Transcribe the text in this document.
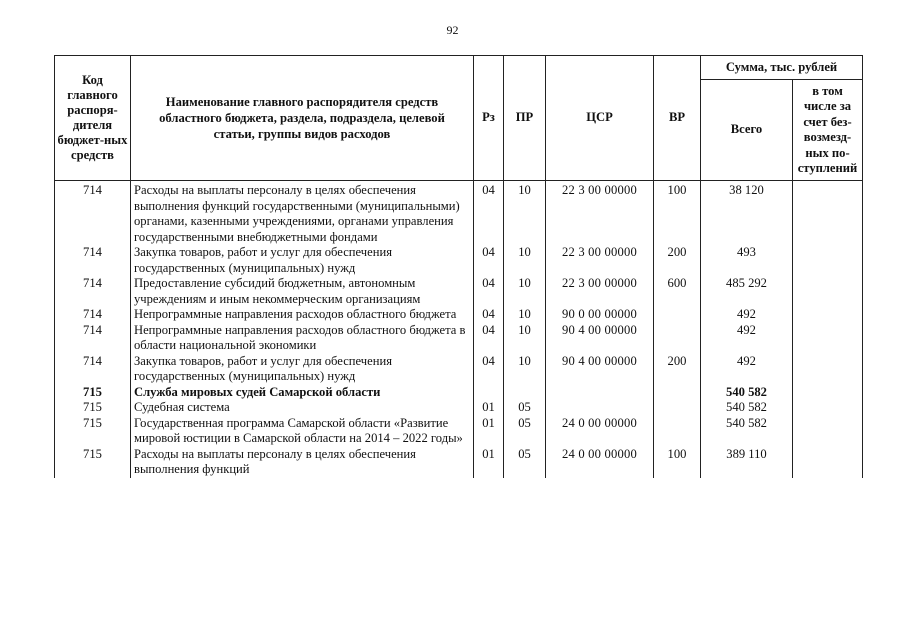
92
Код главного распоря-дителя бюджет-ных средств	Наименование главного распорядителя средств областного бюджета, раздела, подраздела, целевой статьи, группы видов расходов	Рз	ПР	ЦСР	ВР	Сумма, тыс. рублей	
						Всего	в том числе за счет без-возмезд-ных по-ступлений
714	Расходы на выплаты персоналу в целях обеспечения выполнения функций государственными (муниципальными) органами, казенными учреждениями, органами управления государственными внебюджетными фондами	04	10	22 3 00 00000	100	38 120	
714	Закупка товаров, работ и услуг для обеспечения государственных (муниципальных) нужд	04	10	22 3 00 00000	200	493	
714	Предоставление субсидий бюджетным, автономным учреждениям и иным некоммерческим организациям	04	10	22 3 00 00000	600	485 292	
714	Непрограммные направления расходов областного бюджета	04	10	90 0 00 00000		492	
714	Непрограммные направления расходов областного бюджета в области национальной экономики	04	10	90 4 00 00000		492	
714	Закупка товаров, работ и услуг для обеспечения государственных (муниципальных) нужд	04	10	90 4 00 00000	200	492	
715	Служба мировых судей Самарской области					540 582	
715	Судебная система	01	05			540 582	
715	Государственная программа Самарской области «Развитие мировой юстиции в Самарской области на 2014 – 2022 годы»	01	05	24 0 00 00000		540 582	
715	Расходы на выплаты персоналу в целях обеспечения выполнения функций	01	05	24 0 00 00000	100	389 110	
